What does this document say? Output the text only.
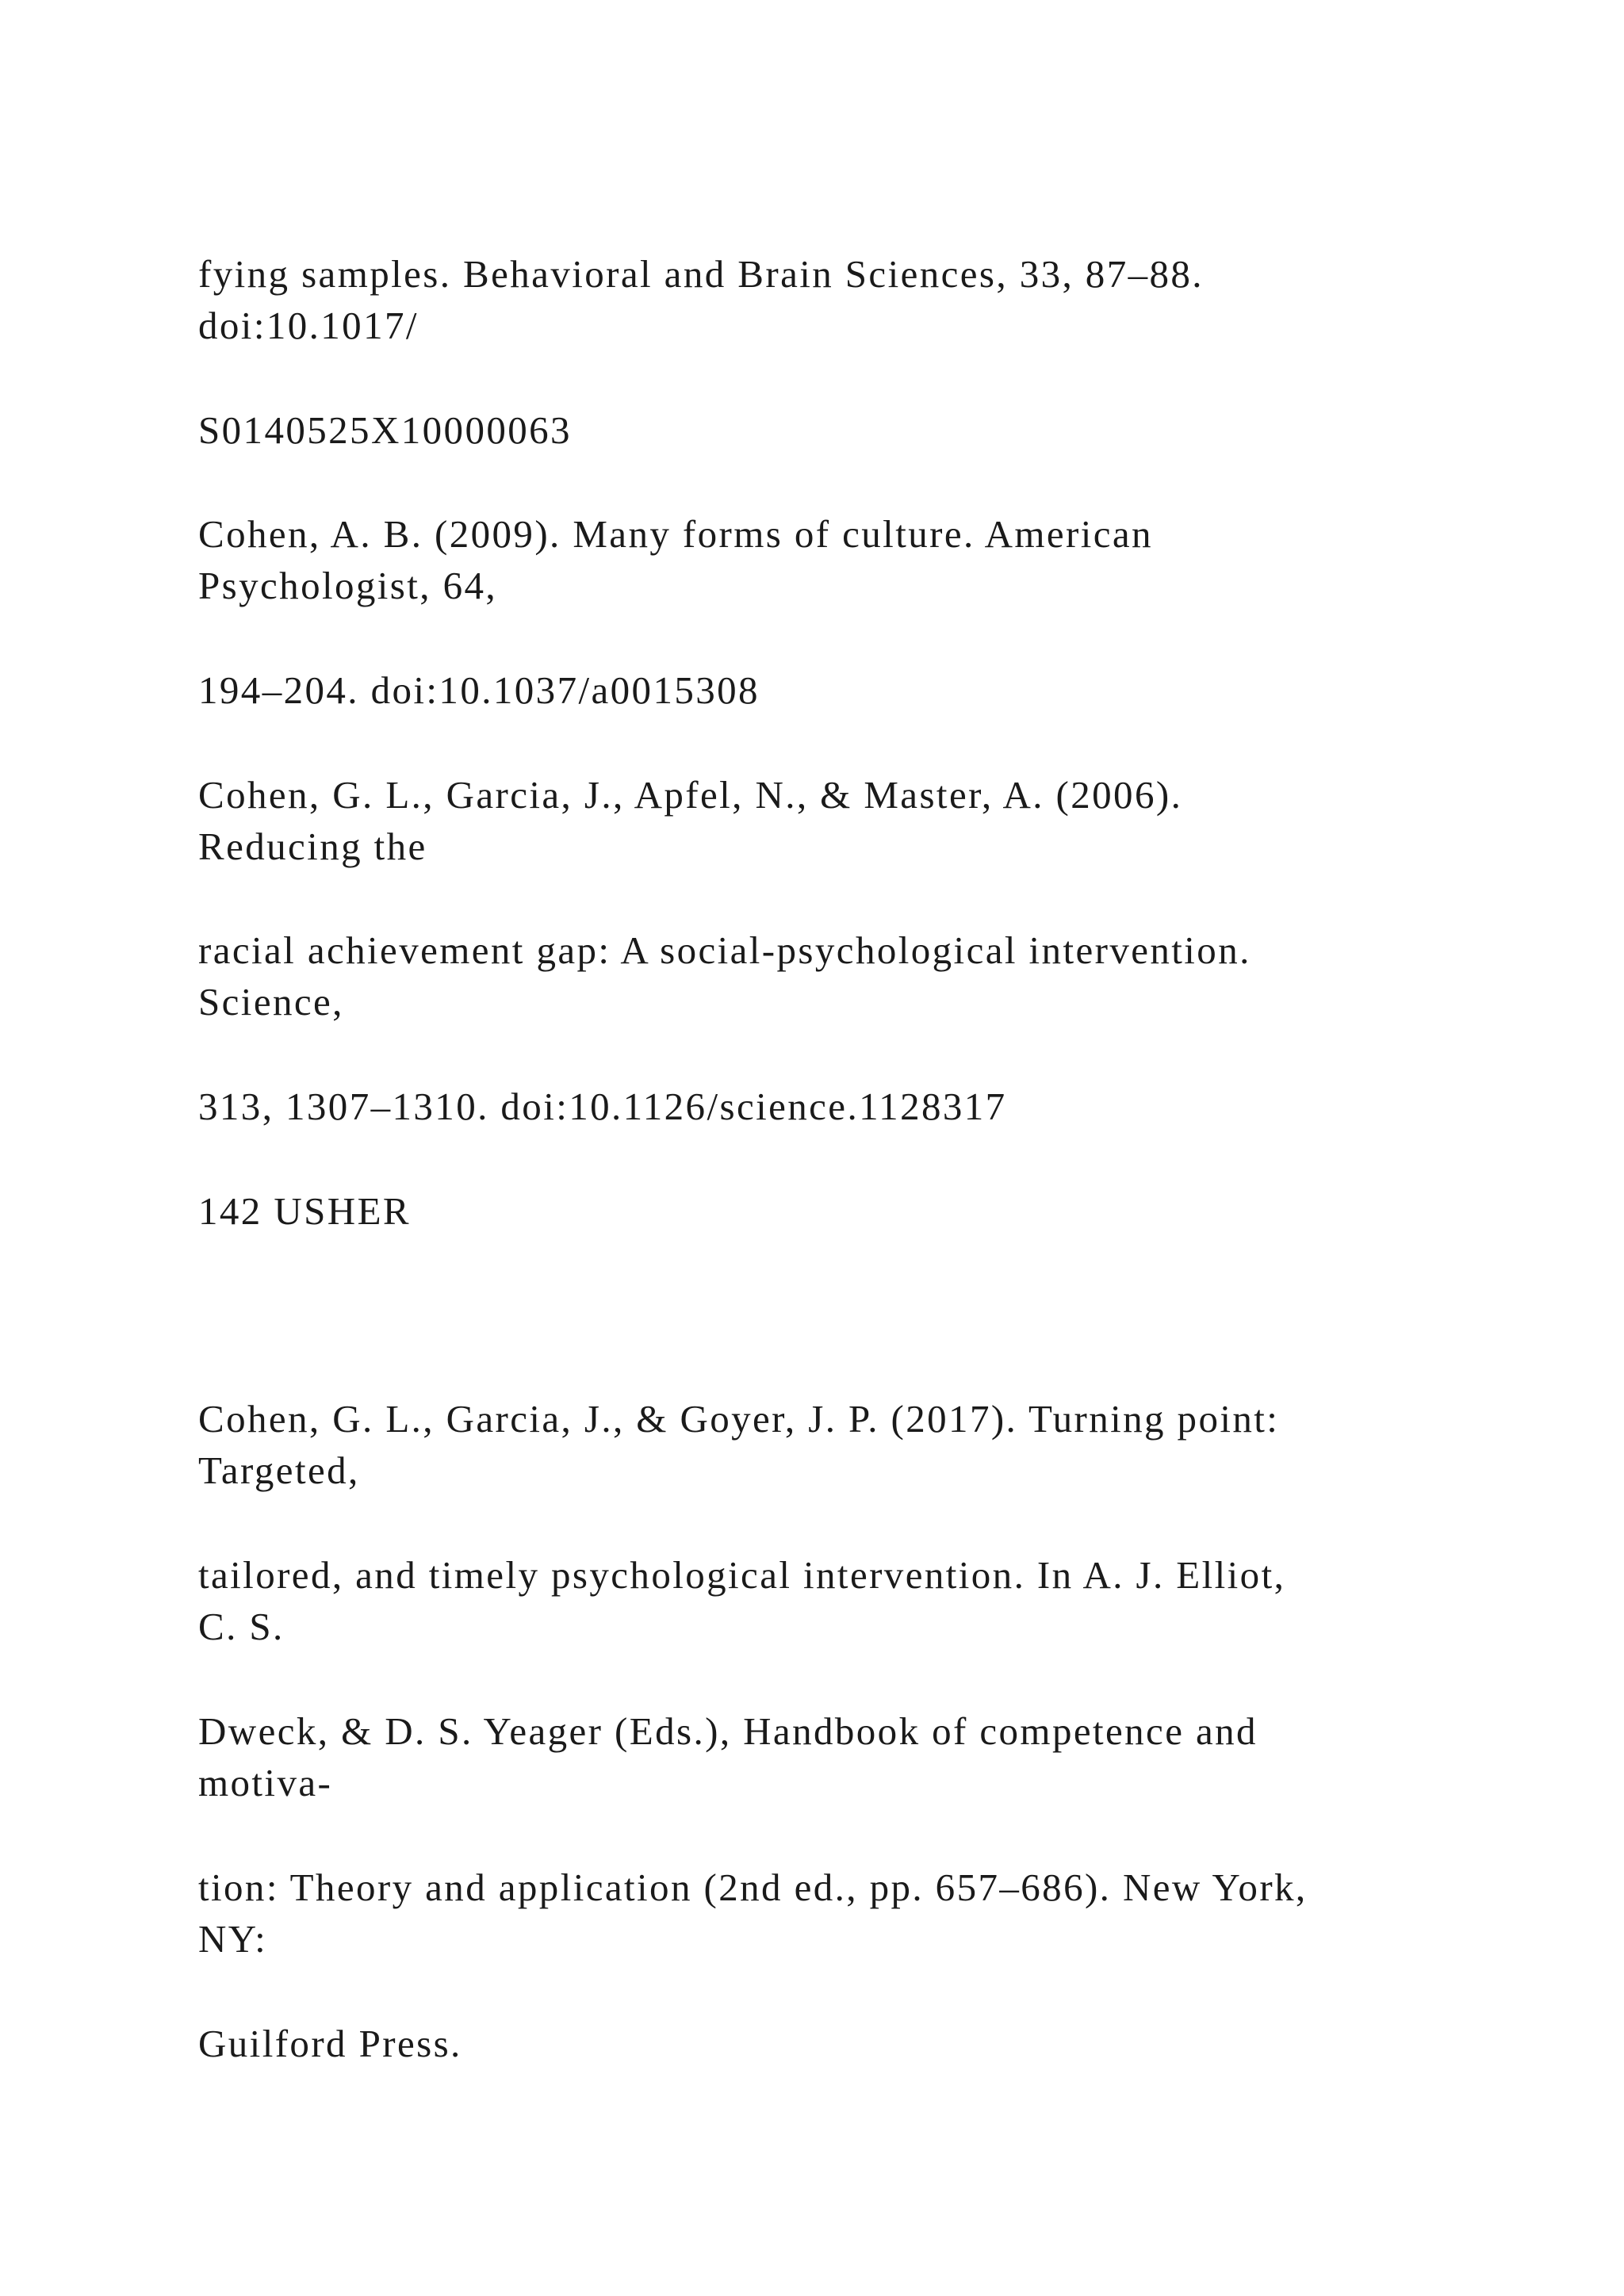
fying samples. Behavioral and Brain Sciences, 33, 87–88.

doi:10.1017/

S0140525X10000063

Cohen, A. B. (2009). Many forms of culture. American

Psychologist, 64,

194–204. doi:10.1037/a0015308

Cohen, G. L., Garcia, J., Apfel, N., & Master, A. (2006).

Reducing the

racial achievement gap: A social-psychological intervention.

Science,

313, 1307–1310. doi:10.1126/science.1128317

142 USHER

Cohen, G. L., Garcia, J., & Goyer, J. P. (2017). Turning point:

Targeted,

tailored, and timely psychological intervention. In A. J. Elliot,

C. S.

Dweck, & D. S. Yeager (Eds.), Handbook of competence and

motiva-

tion: Theory and application (2nd ed., pp. 657–686). New York,

NY:

Guilford Press.
